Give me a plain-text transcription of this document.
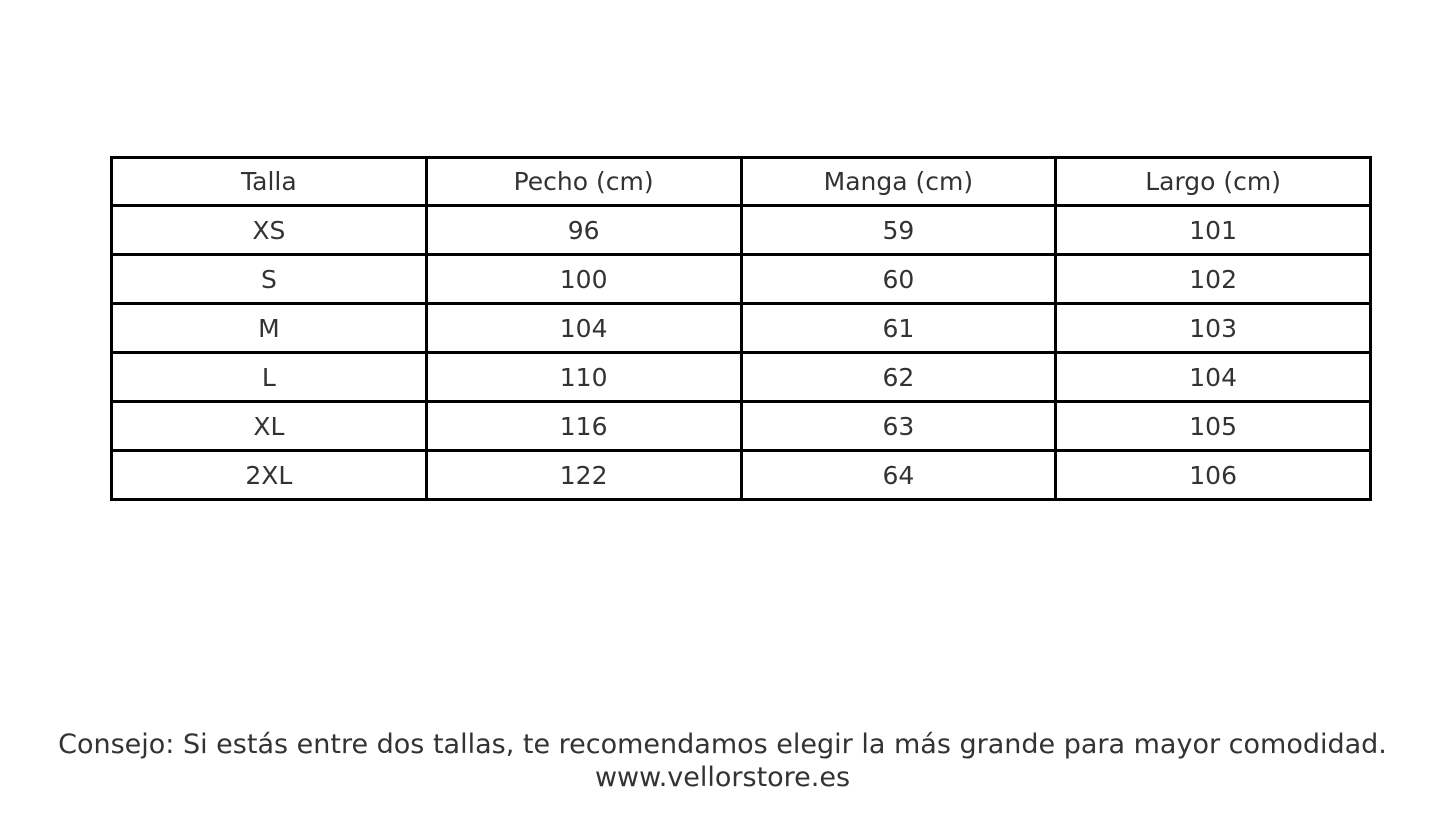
Talla	Pecho (cm)	Manga (cm)	Largo (cm)
XS	96	59	101
S	100	60	102
M	104	61	103
L	110	62	104
XL	116	63	105
2XL	122	64	106
Consejo: Si estás entre dos tallas, te recomendamos elegir la más grande para mayor comodidad.
www.vellorstore.es
